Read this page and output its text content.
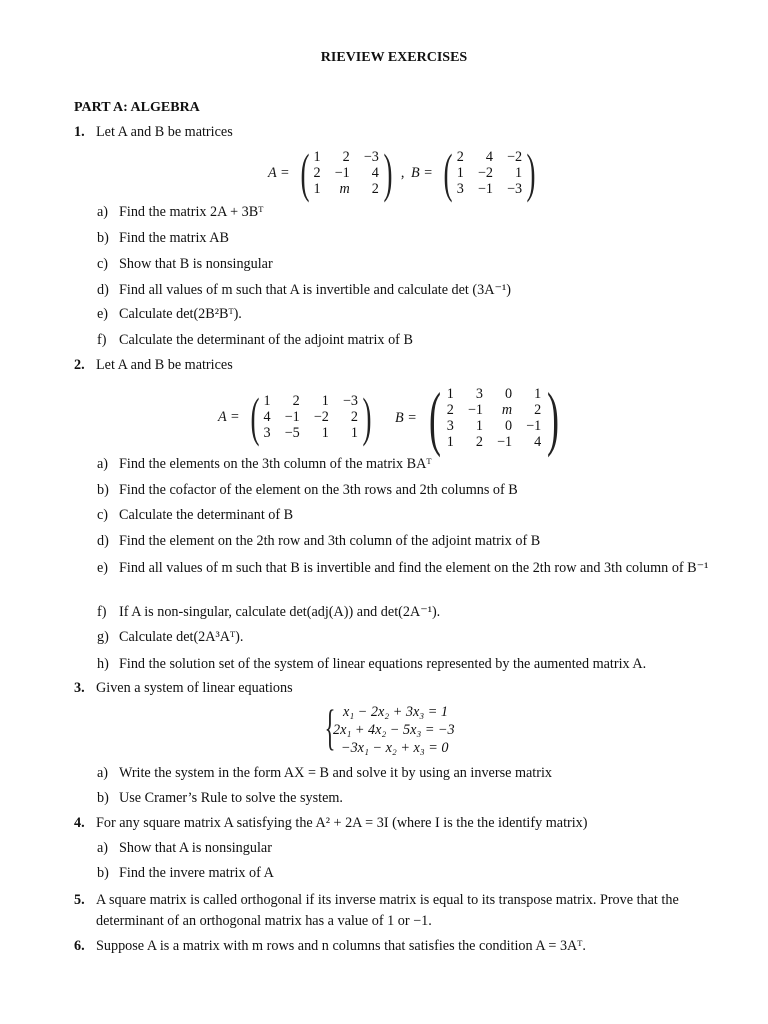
RIEVIEW EXERCISES
PART A: ALGEBRA
1. Let A and B be matrices
A = ( 1	2 −3
2 −1	4
1	m	2 ) , B = ( 2	4 −2
1 −2	1
3 −1 −3 )
a) Find the matrix 2A + 3Bᵀ
b) Find the matrix AB
c) Show that B is nonsingular
d) Find all values of m such that A is invertible and calculate det (3A⁻¹)
e) Calculate det(2B²Bᵀ).
f) Calculate the determinant of the adjoint matrix of B
2. Let A and B be matrices
A = ( 1	2	1 −3
4 −1 −2	2
3 −5	1	1 ) B = ( 1	3	0	1
2 −1	m	2
3	1	0 −1
1	2 −1	4 )
a) Find the elements on the 3th column of the matrix BAᵀ
b) Find the cofactor of the element on the 3th rows and 2th columns of B
c) Calculate the determinant of B
d) Find the element on the 2th row and 3th column of the adjoint matrix of B
e) Find all values of m such that B is invertible and find the element on the 2th row and 3th column of B⁻¹
f) If A is non-singular, calculate det(adj(A)) and det(2A⁻¹).
g) Calculate det(2A³Aᵀ).
h) Find the solution set of the system of linear equations represented by the aumented matrix A.
3. Given a system of linear equations
{ x₁ − 2x₂ + 3x₃ = 1
2x₁ + 4x₂ − 5x₃ = −3
−3x₁ − x₂ + x₃ = 0
a) Write the system in the form AX = B and solve it by using an inverse matrix
b) Use Cramer’s Rule to solve the system.
4. For any square matrix A satisfying the A² + 2A = 3I (where I is the the identify matrix)
a) Show that A is nonsingular
b) Find the invere matrix of A
5. A square matrix is called orthogonal if its inverse matrix is equal to its transpose matrix. Prove that the determinant of an orthogonal matrix has a value of 1 or −1.
6. Suppose A is a matrix with m rows and n columns that satisfies the condition A = 3Aᵀ.
